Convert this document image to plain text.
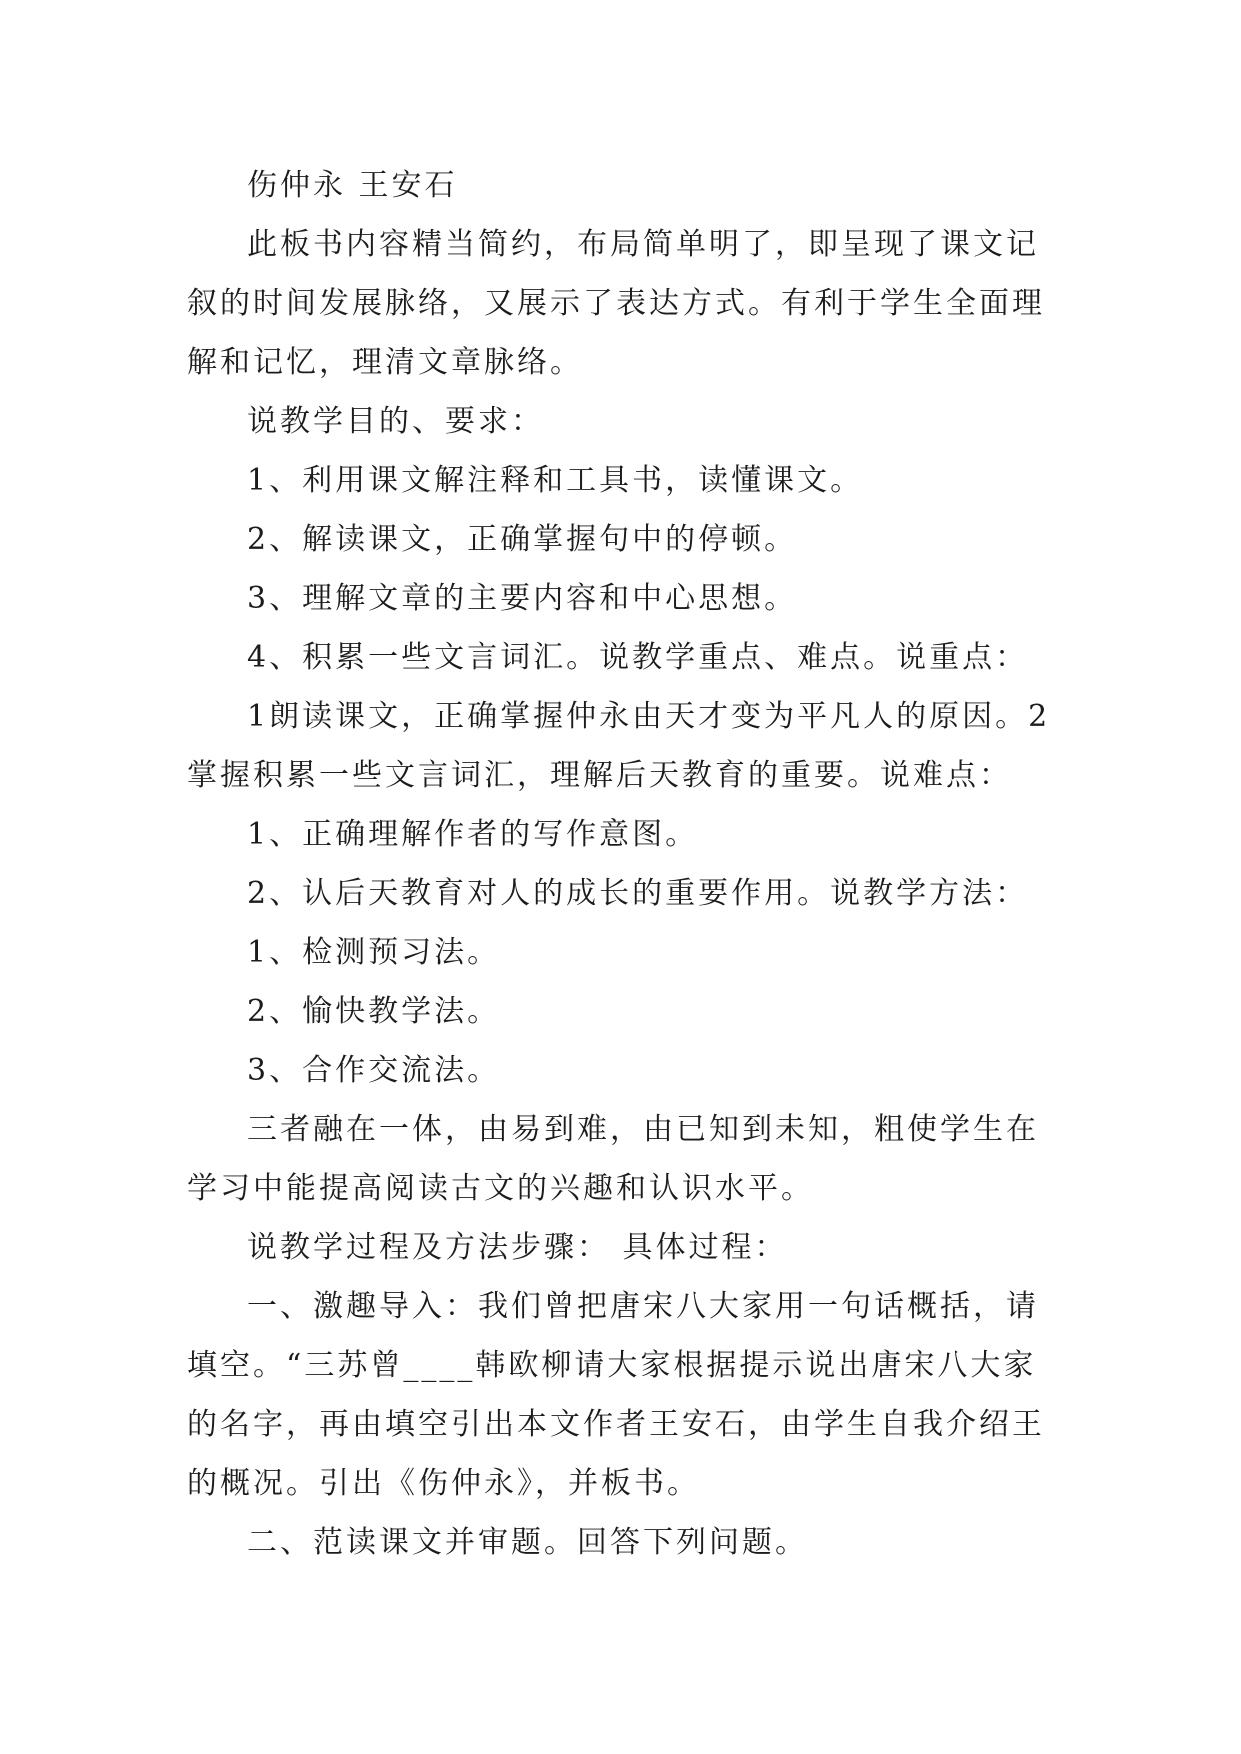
伤仲永 王安石

此板书内容精当简约，布局简单明了，即呈现了课文记叙的时间发展脉络，又展示了表达方式。有利于学生全面理解和记忆，理清文章脉络。

说教学目的、要求：

1、利用课文解注释和工具书，读懂课文。

2、解读课文，正确掌握句中的停顿。

3、理解文章的主要内容和中心思想。

4、积累一些文言词汇。说教学重点、难点。说重点：

1朗读课文，正确掌握仲永由天才变为平凡人的原因。2掌握积累一些文言词汇，理解后天教育的重要。说难点：

1、正确理解作者的写作意图。

2、认后天教育对人的成长的重要作用。说教学方法：

1、检测预习法。

2、愉快教学法。

3、合作交流法。

三者融在一体，由易到难，由已知到未知，粗使学生在学习中能提高阅读古文的兴趣和认识水平。

说教学过程及方法步骤： 具体过程：

一、激趣导入：我们曾把唐宋八大家用一句话概括，请填空。“三苏曾____韩欧柳请大家根据提示说出唐宋八大家的名字，再由填空引出本文作者王安石，由学生自我介绍王的概况。引出《伤仲永》，并板书。

二、范读课文并审题。回答下列问题。
